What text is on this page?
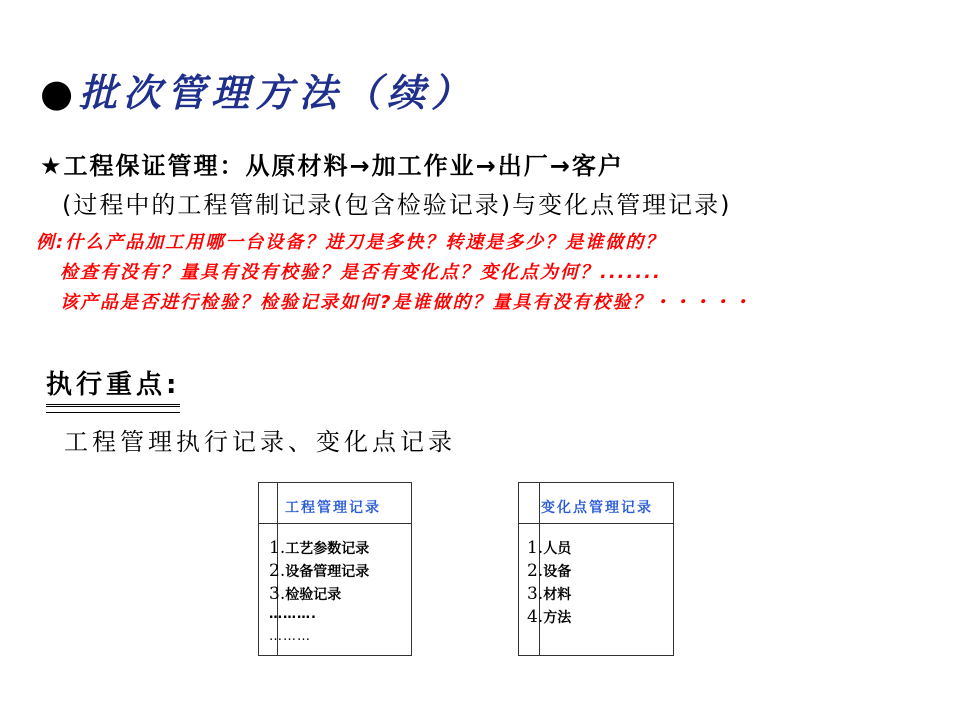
● 批次管理方法（续）
★工程保证管理：从原材料→加工作业→出厂→客户
(过程中的工程管制记录(包含检验记录)与变化点管理记录)
例:什么产品加工用哪一台设备？进刀是多快？转速是多少？是谁做的？
检查有没有？量具有没有校验？是否有变化点？变化点为何？.......
该产品是否进行检验？检验记录如何?是谁做的？量具有没有校验？・・・・・
执行重点:
工程管理执行记录、变化点记录
工程管理记录
1.工艺参数记录
2.设备管理记录
3.检验记录
……….
………
变化点管理记录
1.人员
2.设备
3.材料
4.方法
